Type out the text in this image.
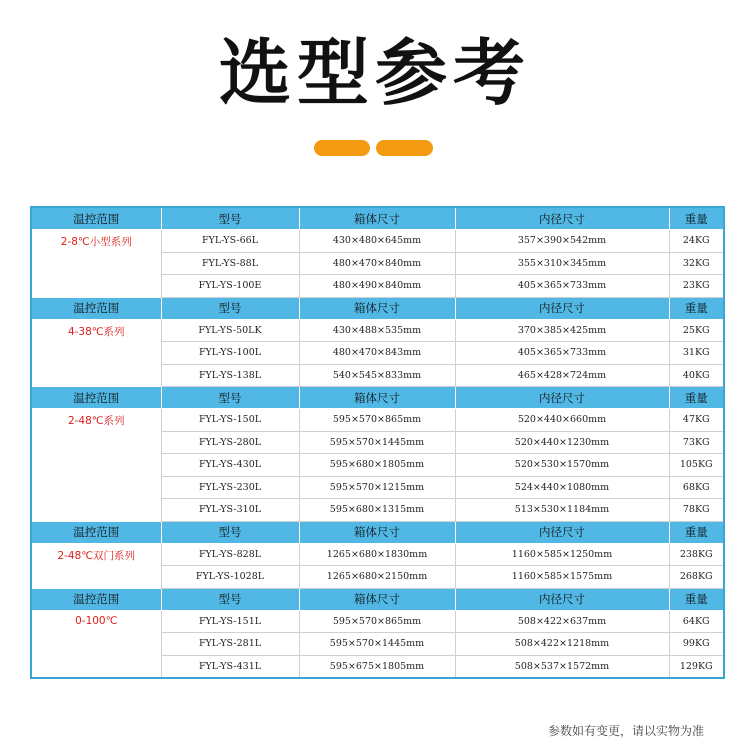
选型参考
温控范围	型号	箱体尺寸	内径尺寸	重量
2-8℃小型系列	FYL-YS-66L	430×480×645mm	357×390×542mm	24KG
	FYL-YS-88L	480×470×840mm	355×310×345mm	32KG
	FYL-YS-100E	480×490×840mm	405×365×733mm	23KG
温控范围	型号	箱体尺寸	内径尺寸	重量
4-38℃系列	FYL-YS-50LK	430×488×535mm	370×385×425mm	25KG
	FYL-YS-100L	480×470×843mm	405×365×733mm	31KG
	FYL-YS-138L	540×545×833mm	465×428×724mm	40KG
温控范围	型号	箱体尺寸	内径尺寸	重量
2-48℃系列	FYL-YS-150L	595×570×865mm	520×440×660mm	47KG
	FYL-YS-280L	595×570×1445mm	520×440×1230mm	73KG
	FYL-YS-430L	595×680×1805mm	520×530×1570mm	105KG
	FYL-YS-230L	595×570×1215mm	524×440×1080mm	68KG
	FYL-YS-310L	595×680×1315mm	513×530×1184mm	78KG
温控范围	型号	箱体尺寸	内径尺寸	重量
2-48℃双门系列	FYL-YS-828L	1265×680×1830mm	1160×585×1250mm	238KG
	FYL-YS-1028L	1265×680×2150mm	1160×585×1575mm	268KG
温控范围	型号	箱体尺寸	内径尺寸	重量
0-100℃	FYL-YS-151L	595×570×865mm	508×422×637mm	64KG
	FYL-YS-281L	595×570×1445mm	508×422×1218mm	99KG
	FYL-YS-431L	595×675×1805mm	508×537×1572mm	129KG
参数如有变更，请以实物为准
